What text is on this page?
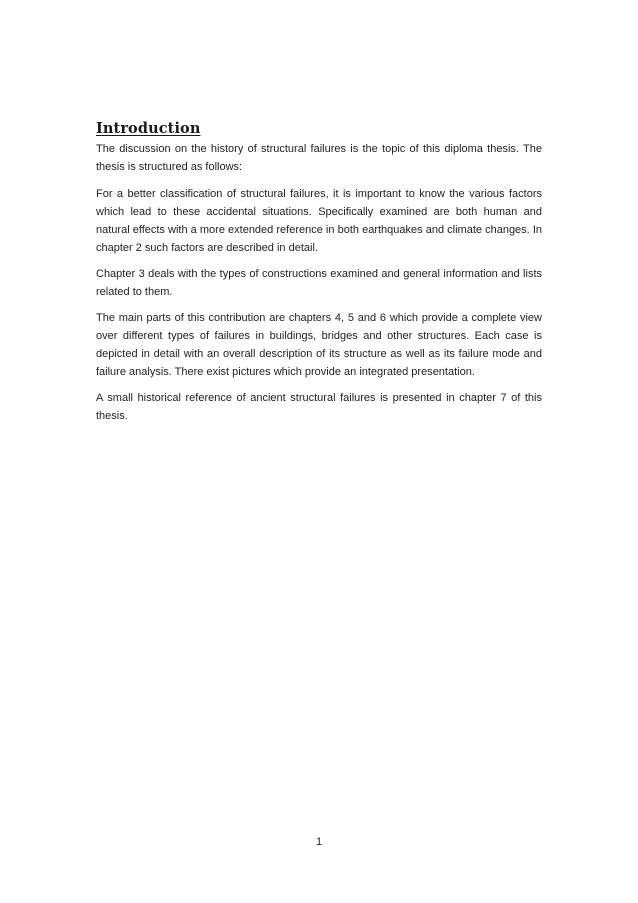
Introduction

The discussion on the history of structural failures is the topic of this diploma thesis. The thesis is structured as follows:

For a better classification of structural failures, it is important to know the various factors which lead to these accidental situations. Specifically examined are both human and natural effects with a more extended reference in both earthquakes and climate changes. In chapter 2 such factors are described in detail.

Chapter 3 deals with the types of constructions examined and general information and lists related to them.

The main parts of this contribution are chapters 4, 5 and 6 which provide a complete view over different types of failures in buildings, bridges and other structures. Each case is depicted in detail with an overall description of its structure as well as its failure mode and failure analysis. There exist pictures which provide an integrated presentation.

A small historical reference of ancient structural failures is presented in chapter 7 of this thesis.

1
